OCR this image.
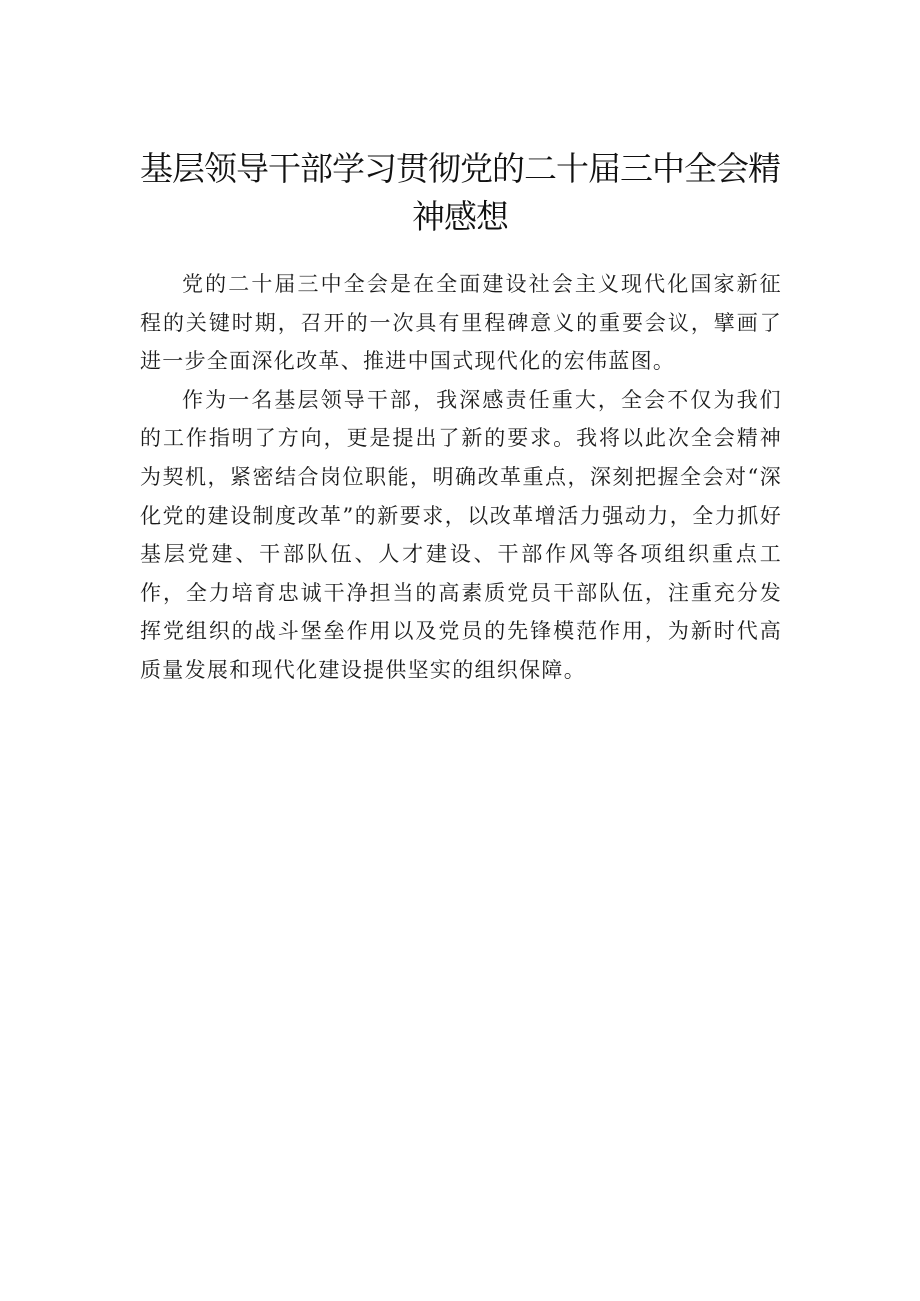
基层领导干部学习贯彻党的二十届三中全会精神感想

党的二十届三中全会是在全面建设社会主义现代化国家新征程的关键时期，召开的一次具有里程碑意义的重要会议，擘画了进一步全面深化改革、推进中国式现代化的宏伟蓝图。

作为一名基层领导干部，我深感责任重大，全会不仅为我们的工作指明了方向，更是提出了新的要求。我将以此次全会精神为契机，紧密结合岗位职能，明确改革重点，深刻把握全会对“深化党的建设制度改革”的新要求，以改革增活力强动力，全力抓好基层党建、干部队伍、人才建设、干部作风等各项组织重点工作，全力培育忠诚干净担当的高素质党员干部队伍，注重充分发挥党组织的战斗堡垒作用以及党员的先锋模范作用，为新时代高质量发展和现代化建设提供坚实的组织保障。
